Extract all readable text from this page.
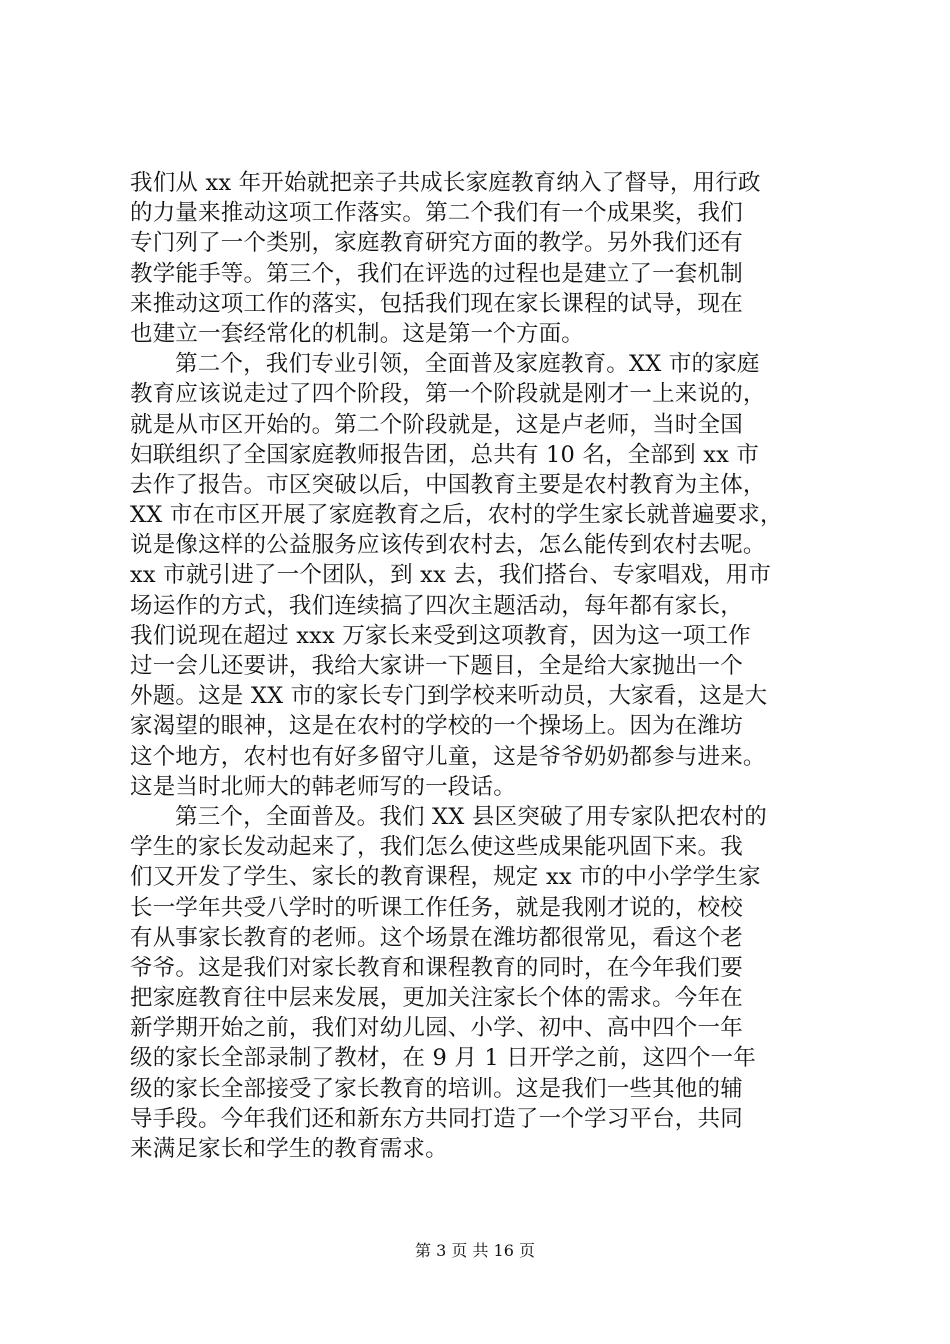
我们从 xx 年开始就把亲子共成长家庭教育纳入了督导，用行政
的力量来推动这项工作落实。第二个我们有一个成果奖，我们
专门列了一个类别，家庭教育研究方面的教学。另外我们还有
教学能手等。第三个，我们在评选的过程也是建立了一套机制
来推动这项工作的落实，包括我们现在家长课程的试导，现在
也建立一套经常化的机制。这是第一个方面。
第二个，我们专业引领，全面普及家庭教育。XX 市的家庭
教育应该说走过了四个阶段，第一个阶段就是刚才一上来说的，
就是从市区开始的。第二个阶段就是，这是卢老师，当时全国
妇联组织了全国家庭教师报告团，总共有 10 名，全部到 xx 市
去作了报告。市区突破以后，中国教育主要是农村教育为主体，
XX 市在市区开展了家庭教育之后，农村的学生家长就普遍要求，
说是像这样的公益服务应该传到农村去，怎么能传到农村去呢。
xx 市就引进了一个团队，到 xx 去，我们搭台、专家唱戏，用市
场运作的方式，我们连续搞了四次主题活动，每年都有家长，
我们说现在超过 xxx 万家长来受到这项教育，因为这一项工作
过一会儿还要讲，我给大家讲一下题目，全是给大家抛出一个
外题。这是 XX 市的家长专门到学校来听动员，大家看，这是大
家渴望的眼神，这是在农村的学校的一个操场上。因为在潍坊
这个地方，农村也有好多留守儿童，这是爷爷奶奶都参与进来。
这是当时北师大的韩老师写的一段话。
第三个，全面普及。我们 XX 县区突破了用专家队把农村的
学生的家长发动起来了，我们怎么使这些成果能巩固下来。我
们又开发了学生、家长的教育课程，规定 xx 市的中小学学生家
长一学年共受八学时的听课工作任务，就是我刚才说的，校校
有从事家长教育的老师。这个场景在潍坊都很常见，看这个老
爷爷。这是我们对家长教育和课程教育的同时，在今年我们要
把家庭教育往中层来发展，更加关注家长个体的需求。今年在
新学期开始之前，我们对幼儿园、小学、初中、高中四个一年
级的家长全部录制了教材，在 9 月 1 日开学之前，这四个一年
级的家长全部接受了家长教育的培训。这是我们一些其他的辅
导手段。今年我们还和新东方共同打造了一个学习平台，共同
来满足家长和学生的教育需求。
第 3 页 共 16 页
